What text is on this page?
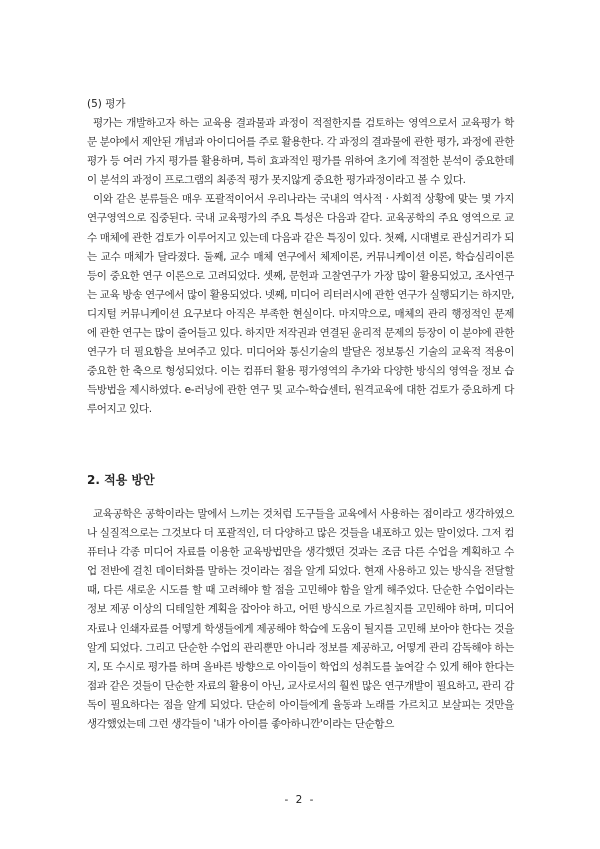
(5) 평가

평가는 개발하고자 하는 교육용 결과물과 과정이 적절한지를 검토하는 영역으로서 교육평가 학문 분야에서 제안된 개념과 아이디어를 주로 활용한다. 각 과정의 결과물에 관한 평가, 과정에 관한 평가 등 여러 가지 평가를 활용하며, 특히 효과적인 평가를 위하여 초기에 적절한 분석이 중요한데 이 분석의 과정이 프로그램의 최종적 평가 못지않게 중요한 평가과정이라고 볼 수 있다.

이와 같은 분류들은 매우 포괄적이어서 우리나라는 국내의 역사적 · 사회적 상황에 맞는 몇 가지 연구영역으로 집중된다. 국내 교육평가의 주요 특성은 다음과 같다. 교육공학의 주요 영역으로 교수 매체에 관한 검토가 이루어지고 있는데 다음과 같은 특징이 있다. 첫째, 시대별로 관심거리가 되는 교수 매체가 달라졌다. 둘째, 교수 매체 연구에서 체제이론, 커뮤니케이션 이론, 학습심리이론 등이 중요한 연구 이론으로 고려되었다. 셋째, 문헌과 고찰연구가 가장 많이 활용되었고, 조사연구는 교육 방송 연구에서 많이 활용되었다. 넷째, 미디어 리터러시에 관한 연구가 실행되기는 하지만, 디지털 커뮤니케이션 요구보다 아직은 부족한 현실이다. 마지막으로, 매체의 관리 행정적인 문제에 관한 연구는 많이 줄어들고 있다. 하지만 저작권과 연결된 윤리적 문제의 등장이 이 분야에 관한 연구가 더 필요함을 보여주고 있다. 미디어와 통신기술의 발달은 정보통신 기술의 교육적 적용이 중요한 한 축으로 형성되었다. 이는 컴퓨터 활용 평가영역의 추가와 다양한 방식의 영역을 정보 습득방법을 제시하였다. e-러닝에 관한 연구 및 교수-학습센터, 원격교육에 대한 검토가 중요하게 다루어지고 있다.

2. 적용 방안

교육공학은 공학이라는 말에서 느끼는 것처럼 도구들을 교육에서 사용하는 점이라고 생각하였으나 실질적으로는 그것보다 더 포괄적인, 더 다양하고 많은 것들을 내포하고 있는 말이었다. 그저 컴퓨터나 각종 미디어 자료를 이용한 교육방법만을 생각했던 것과는 조금 다른 수업을 계획하고 수업 전반에 걸친 데이터화를 말하는 것이라는 점을 알게 되었다. 현재 사용하고 있는 방식을 전달할 때, 다른 새로운 시도를 할 때 고려해야 할 점을 고민해야 함을 알게 해주었다. 단순한 수업이라는 정보 제공 이상의 디테일한 계획을 잡아야 하고, 어떤 방식으로 가르칠지를 고민해야 하며, 미디어 자료나 인쇄자료를 어떻게 학생들에게 제공해야 학습에 도움이 될지를 고민해 보아야 한다는 것을 알게 되었다. 그리고 단순한 수업의 관리뿐만 아니라 정보를 제공하고, 어떻게 관리 감독해야 하는지, 또 수시로 평가를 하며 올바른 방향으로 아이들이 학업의 성취도를 높여갈 수 있게 해야 한다는 점과 같은 것들이 단순한 자료의 활용이 아닌, 교사로서의 훨씬 많은 연구개발이 필요하고, 관리 감독이 필요하다는 점을 알게 되었다. 단순히 아이들에게 율동과 노래를 가르치고 보살피는 것만을 생각했었는데 그런 생각들이 '내가 아이를 좋아하니깐'이라는 단순함으

- 2 -
